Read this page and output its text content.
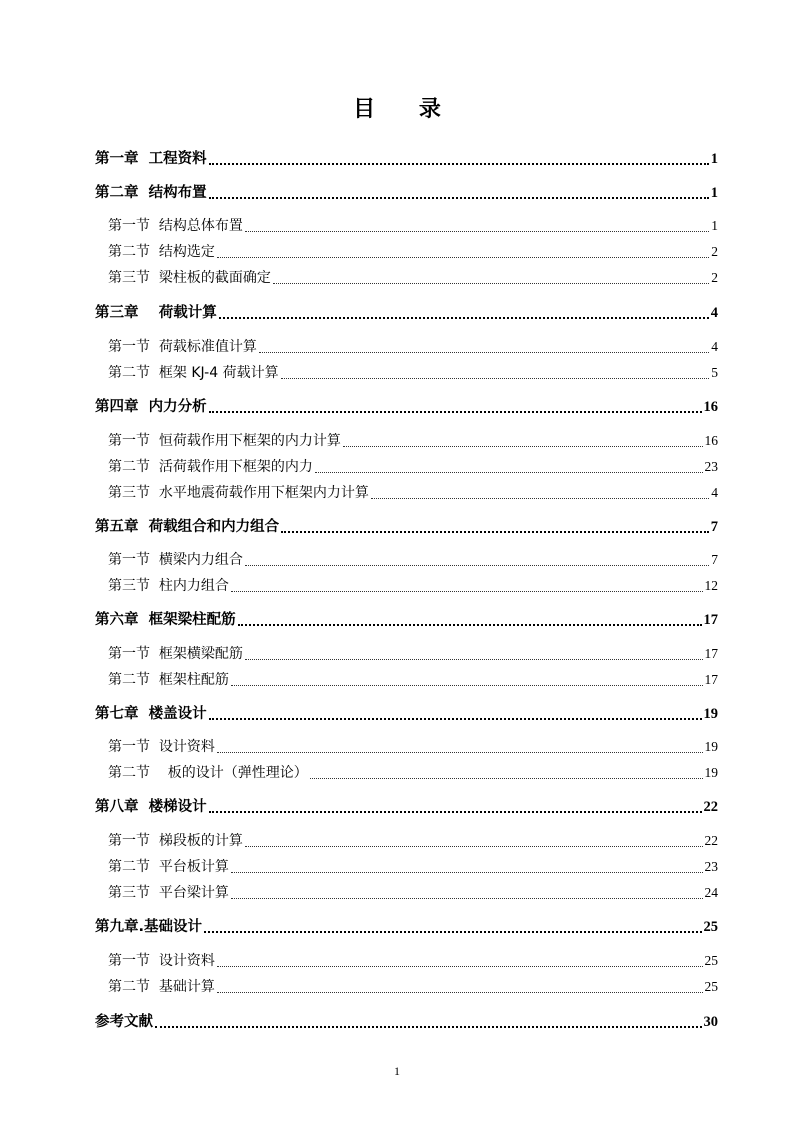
目 录
第一章  工程资料	1
第二章  结构布置	1
第一节  结构总体布置	1
第二节  结构选定	2
第三节  梁柱板的截面确定	2
第三章    荷载计算	4
第一节  荷载标准值计算	4
第二节  框架 KJ-4 荷载计算	5
第四章  内力分析	16
第一节  恒荷载作用下框架的内力计算	16
第二节  活荷载作用下框架的内力	23
第三节  水平地震荷载作用下框架内力计算	4
第五章  荷载组合和内力组合	7
第一节  横梁内力组合	7
第三节  柱内力组合	12
第六章  框架梁柱配筋	17
第一节  框架横梁配筋	17
第二节  框架柱配筋	17
第七章  楼盖设计	19
第一节  设计资料	19
第二节    板的设计（弹性理论）	19
第八章  楼梯设计	22
第一节  梯段板的计算	22
第二节  平台板计算	23
第三节  平台梁计算	24
第九章.基础设计	25
第一节  设计资料	25
第二节  基础计算	25
参考文献	30
1
